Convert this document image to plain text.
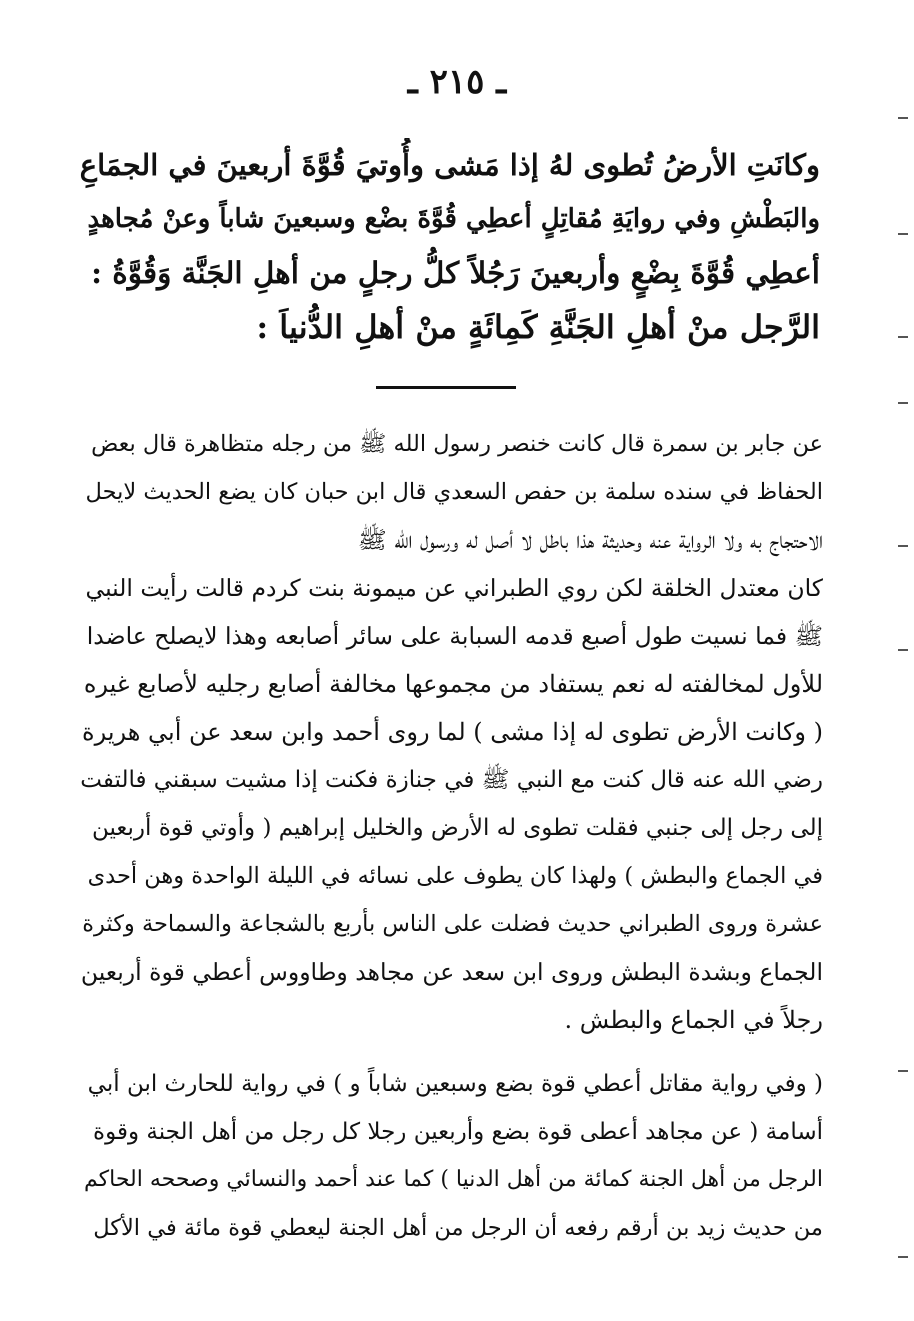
ـ ٢١٥ ـ
وكانَتِ الأرضُ تُطوى لهُ إذا مَشى وأُوتيَ قُوَّةَ أربعينَ في الجمَاعِ
والبَطْشِ وفي روايَةِ مُقاتِلٍ أعطِي قُوَّةَ بضْع وسبعينَ شاباً وعنْ مُجاهدٍ
أعطِي قُوَّةَ بِضْعٍ وأربعينَ رَجُلاً كلُّ رجلٍ من أهلِ الجَنَّة وَقُوَّةُ :
الرَّجل منْ أهلِ الجَنَّةِ كَمِائَةٍ منْ أهلِ الدُّنياَ :
عن جابر بن سمرة قال كانت خنصر رسول الله ﷺ من رجله متظاهرة قال بعض
الحفاظ في سنده سلمة بن حفص السعدي قال ابن حبان كان يضع الحديث لايحل
الاحتجاج به ولا الرواية عنه وحديثة هذا باطل لا أصل له ورسول الله ﷺ
كان معتدل الخلقة لكن روي الطبراني عن ميمونة بنت كردم قالت رأيت النبي
ﷺ فما نسيت طول أصبع قدمه السبابة على سائر أصابعه وهذا لايصلح عاضدا
للأول لمخالفته له نعم يستفاد من مجموعها مخالفة أصابع رجليه لأصابع غيره
( وكانت الأرض تطوى له إذا مشى ) لما روى أحمد وابن سعد عن أبي هريرة
رضي الله عنه قال كنت مع النبي ﷺ في جنازة فكنت إذا مشيت سبقني فالتفت
إلى رجل إلى جنبي فقلت تطوى له الأرض والخليل إبراهيم ( وأوتي قوة أربعين
في الجماع والبطش ) ولهذا كان يطوف على نسائه في الليلة الواحدة وهن أحدى
عشرة وروى الطبراني حديث فضلت على الناس بأربع بالشجاعة والسماحة وكثرة
الجماع وبشدة البطش وروى ابن سعد عن مجاهد وطاووس أعطي قوة أربعين
رجلاً في الجماع والبطش .
( وفي رواية مقاتل أعطي قوة بضع وسبعين شاباً و ) في رواية للحارث ابن أبي
أسامة ( عن مجاهد أعطى قوة بضع وأربعين رجلا كل رجل من أهل الجنة وقوة
الرجل من أهل الجنة كمائة من أهل الدنيا ) كما عند أحمد والنسائي وصححه الحاكم
من حديث زيد بن أرقم رفعه أن الرجل من أهل الجنة ليعطي قوة مائة في الأكل
